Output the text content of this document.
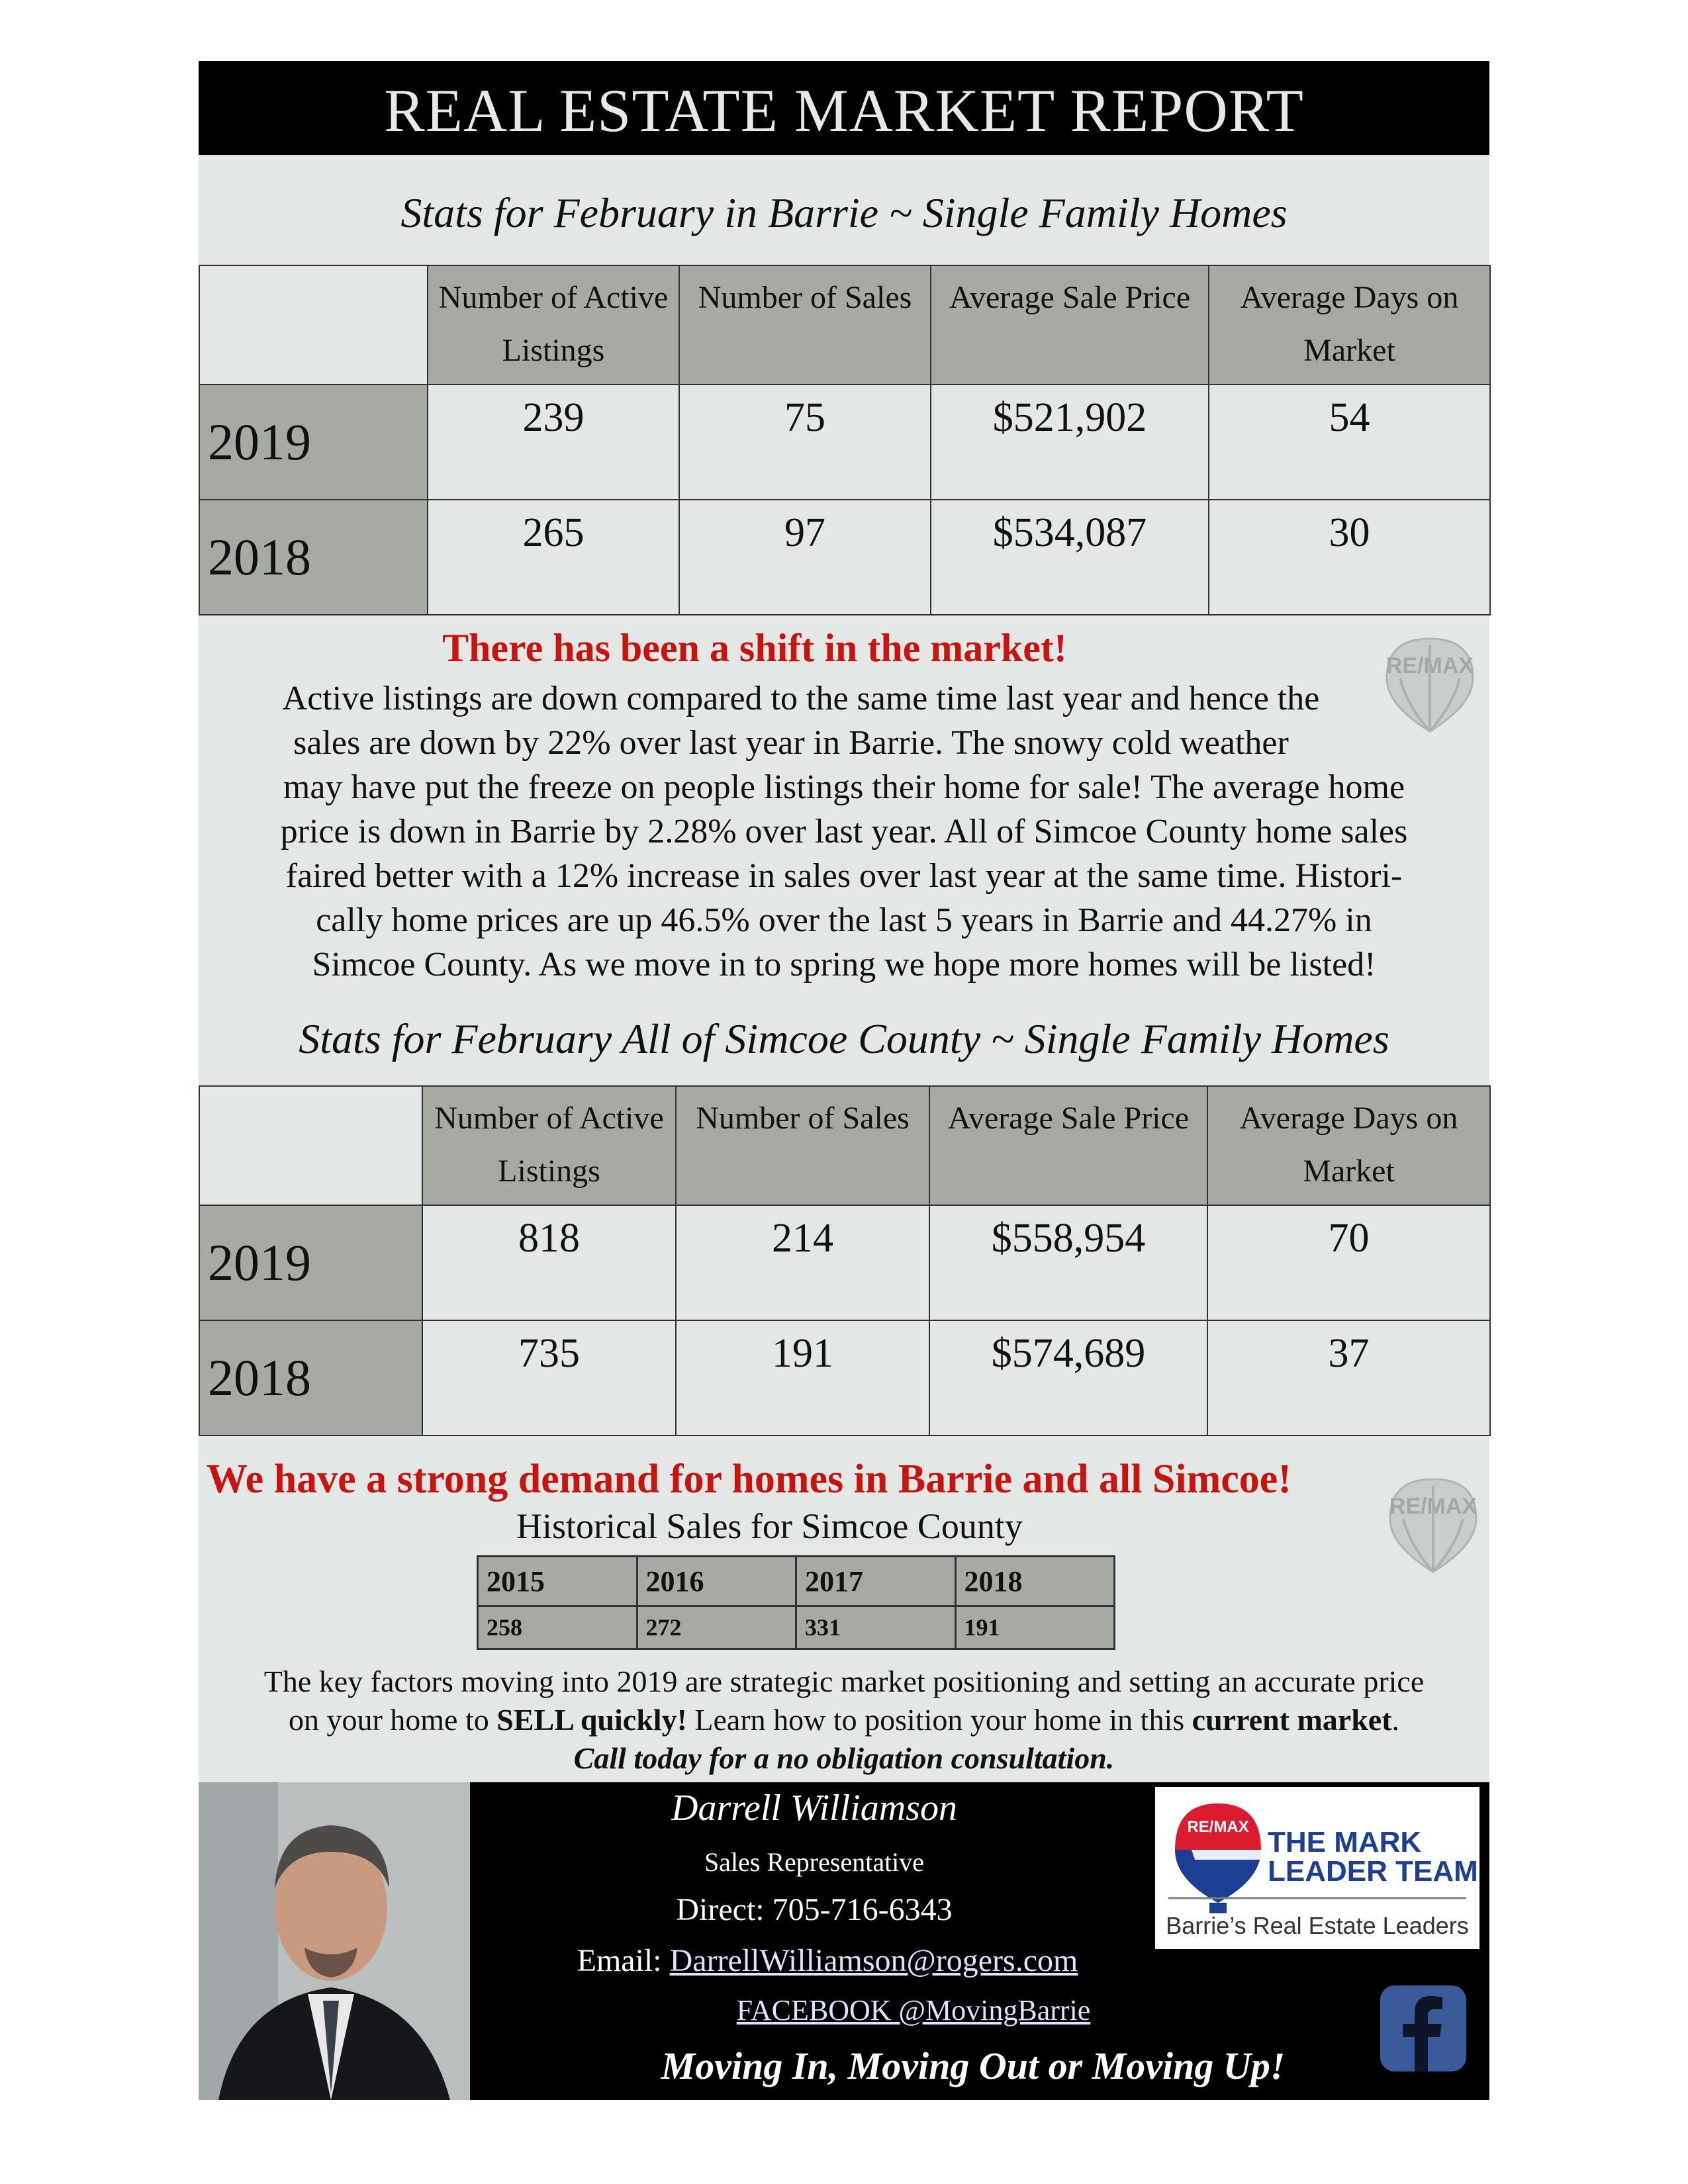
REAL ESTATE MARKET REPORT
Stats for February in Barrie ~ Single Family Homes
	Number of Active Listings	Number of Sales	Average Sale Price	Average Days on Market
2019	239	75	$521,902	54
2018	265	97	$534,087	30
There has been a shift in the market!
Active listings are down compared to the same time last year and hence the
sales are down by 22% over last year in Barrie. The snowy cold weather
may have put the freeze on people listings their home for sale! The average home
price is down in Barrie by 2.28% over last year. All of Simcoe County home sales
faired better with a 12% increase in sales over last year at the same time. Histori-
cally home prices are up 46.5% over the last 5 years in Barrie and 44.27% in
Simcoe County. As we move in to spring we hope more homes will be listed!
RE/MAX
Stats for February All of Simcoe County ~ Single Family Homes
	Number of Active Listings	Number of Sales	Average Sale Price	Average Days on Market
2019	818	214	$558,954	70
2018	735	191	$574,689	37
We have a strong demand for homes in Barrie and all Simcoe!
Historical Sales for Simcoe County	RE/MAX
2015	2016	2017	2018
258	272	331	191
The key factors moving into 2019 are strategic market positioning and setting an accurate price
on your home to SELL quickly! Learn how to position your home in this current market.
Call today for a no obligation consultation.
Darrell Williamson
Sales Representative
Direct: 705-716-6343
Email: DarrellWilliamson@rogers.com
FACEBOOK @MovingBarrie
Moving In, Moving Out or Moving Up!
RE/MAX THE MARK
LEADER TEAM
Barrie’s Real Estate Leaders
